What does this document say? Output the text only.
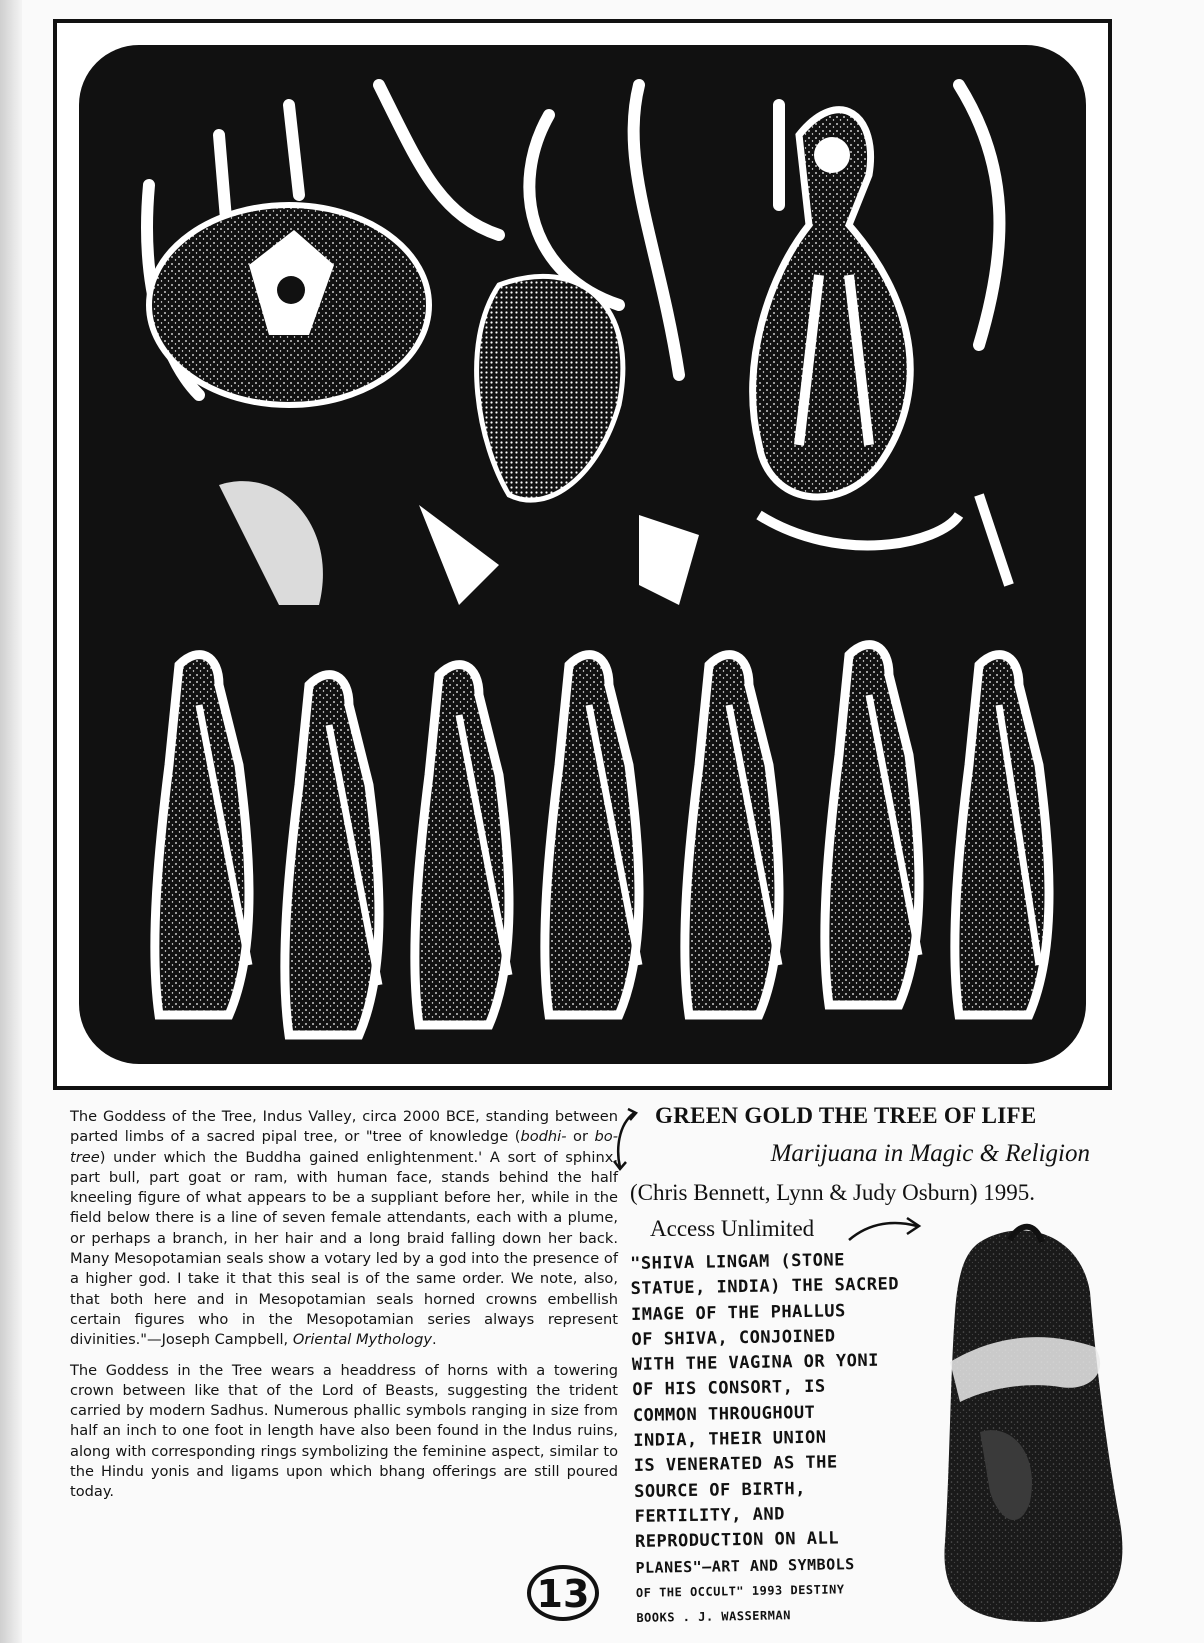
The Goddess of the Tree, Indus Valley, circa 2000 BCE, standing between parted limbs of a sacred pipal tree, or "tree of knowledge (bodhi- or bo-tree) under which the Buddha gained enlightenment.' A sort of sphinx, part bull, part goat or ram, with human face, stands behind the half kneeling figure of what appears to be a suppliant before her, while in the field below there is a line of seven female attendants, each with a plume, or perhaps a branch, in her hair and a long braid falling down her back. Many Mesopotamian seals show a votary led by a god into the presence of a higher god. I take it that this seal is of the same order. We note, also, that both here and in Mesopotamian seals horned crowns embellish certain figures who in the Mesopotamian series always represent divinities."—Joseph Campbell, Oriental Mythology.

The Goddess in the Tree wears a headdress of horns with a towering crown between like that of the Lord of Beasts, suggesting the trident carried by modern Sadhus. Numerous phallic symbols ranging in size from half an inch to one foot in length have also been found in the Indus ruins, along with corresponding rings symbolizing the feminine aspect, similar to the Hindu yonis and ligams upon which bhang offerings are still poured today.

GREEN GOLD THE TREE OF LIFE
Marijuana in Magic & Religion
(Chris Bennett, Lynn & Judy Osburn) 1995.
Access Unlimited
"SHIVA LINGAM (STONE
STATUE, INDIA) THE SACRED
IMAGE OF THE PHALLUS
OF SHIVA, CONJOINED
WITH THE VAGINA OR YONI
OF HIS CONSORT, IS
COMMON THROUGHOUT
INDIA, THEIR UNION
IS VENERATED AS THE
SOURCE OF BIRTH,
FERTILITY, AND
REPRODUCTION ON ALL
PLANES"—ART AND SYMBOLS
OF THE OCCULT" 1993 DESTINY
BOOKS . J. WASSERMAN
13
